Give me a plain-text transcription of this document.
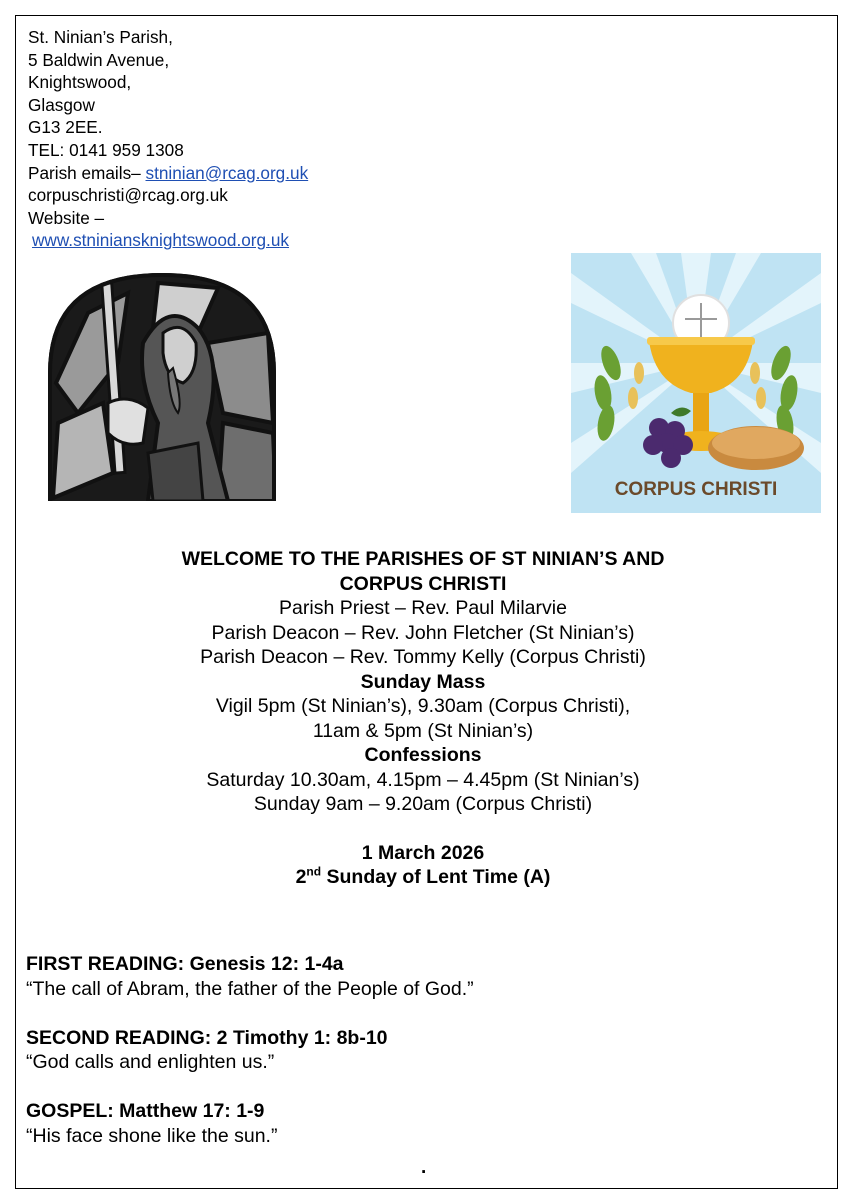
St. Ninian’s Parish,
5 Baldwin Avenue,
Knightswood,
Glasgow
G13 2EE.
TEL: 0141 959 1308
Parish emails– stninian@rcag.org.uk
corpuschristi@rcag.org.uk
Website –
www.stniniansknightswood.org.uk
CORPUS CHRISTI
WELCOME TO THE PARISHES OF ST NINIAN’S AND
CORPUS CHRISTI
Parish Priest – Rev. Paul Milarvie
Parish Deacon – Rev. John Fletcher (St Ninian’s)
Parish Deacon – Rev. Tommy Kelly (Corpus Christi)
Sunday Mass
Vigil 5pm (St Ninian’s), 9.30am (Corpus Christi),
11am & 5pm (St Ninian’s)
Confessions
Saturday 10.30am, 4.15pm – 4.45pm (St Ninian’s)
Sunday 9am – 9.20am (Corpus Christi)
1 March 2026
2nd Sunday of Lent Time (A)
FIRST READING: Genesis 12: 1-4a
“The call of Abram, the father of the People of God.”
SECOND READING: 2 Timothy 1: 8b-10
“God calls and enlighten us.”
GOSPEL: Matthew 17: 1-9
“His face shone like the sun.”
.
